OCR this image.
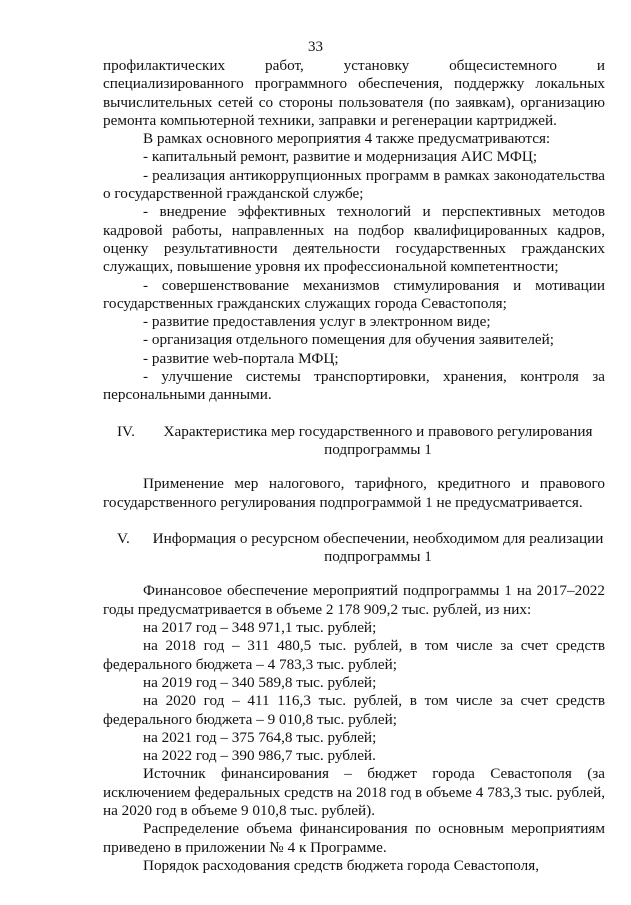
33

профилактических работ, установку общесистемного и специализированного программного обеспечения, поддержку локальных вычислительных сетей со стороны пользователя (по заявкам), организацию ремонта компьютерной техники, заправки и регенерации картриджей.

В рамках основного мероприятия 4 также предусматриваются:

- капитальный ремонт, развитие и модернизация АИС МФЦ;

- реализация антикоррупционных программ в рамках законодательства о государственной гражданской службе;

- внедрение эффективных технологий и перспективных методов кадровой работы, направленных на подбор квалифицированных кадров, оценку результативности деятельности государственных гражданских служащих, повышение уровня их профессиональной компетентности;

- совершенствование механизмов стимулирования и мотивации государственных гражданских служащих города Севастополя;

- развитие предоставления услуг в электронном виде;

- организация отдельного помещения для обучения заявителей;

- развитие web-портала МФЦ;

- улучшение системы транспортировки, хранения, контроля за персональными данными.

IV.	Характеристика мер государственного и правового регулирования
подпрограммы 1

Применение мер налогового, тарифного, кредитного и правового государственного регулирования подпрограммой 1 не предусматривается.

V.	Информация о ресурсном обеспечении, необходимом для реализации
подпрограммы 1

Финансовое обеспечение мероприятий подпрограммы 1 на 2017–2022 годы предусматривается в объеме 2 178 909,2 тыс. рублей, из них:

на 2017 год – 348 971,1 тыс. рублей;

на 2018 год – 311 480,5 тыс. рублей, в том числе за счет средств федерального бюджета – 4 783,3 тыс. рублей;

на 2019 год – 340 589,8 тыс. рублей;

на 2020 год – 411 116,3 тыс. рублей, в том числе за счет средств федерального бюджета – 9 010,8 тыс. рублей;

на 2021 год – 375 764,8 тыс. рублей;

на 2022 год – 390 986,7 тыс. рублей.

Источник финансирования – бюджет города Севастополя (за исключением федеральных средств на 2018 год в объеме 4 783,3 тыс. рублей, на 2020 год в объеме 9 010,8 тыс. рублей).

Распределение объема финансирования по основным мероприятиям приведено в приложении № 4 к Программе.

Порядок расходования средств бюджета города Севастополя,
